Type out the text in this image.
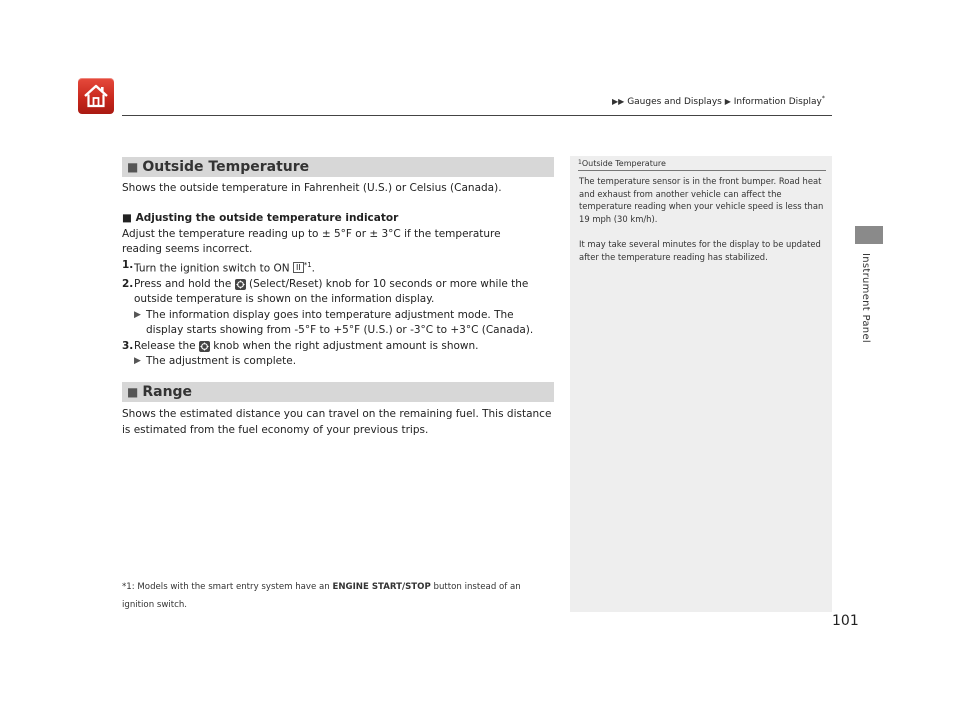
▶▶ Gauges and Displays ▶ Information Display*
Instrument Panel
■ Outside Temperature
Shows the outside temperature in Fahrenheit (U.S.) or Celsius (Canada).
■ Adjusting the outside temperature indicator
Adjust the temperature reading up to ± 5°F or ± 3°C if the temperature reading seems incorrect.
1. Turn the ignition switch to ON II $^{*1}$.
2. Press and hold the (Select/Reset) knob for 10 seconds or more while the outside temperature is shown on the information display.
▶ The information display goes into temperature adjustment mode. The display starts showing from -5°F to +5°F (U.S.) or -3°C to +3°C (Canada).
3. Release the knob when the right adjustment amount is shown.
▶ The adjustment is complete.
■ Range
Shows the estimated distance you can travel on the remaining fuel. This distance is estimated from the fuel economy of your previous trips.
*1: Models with the smart entry system have an ENGINE START/STOP button instead of an ignition switch.
$^1$Outside Temperature
The temperature sensor is in the front bumper. Road heat and exhaust from another vehicle can affect the temperature reading when your vehicle speed is less than 19 mph (30 km/h).
It may take several minutes for the display to be updated after the temperature reading has stabilized.
101
